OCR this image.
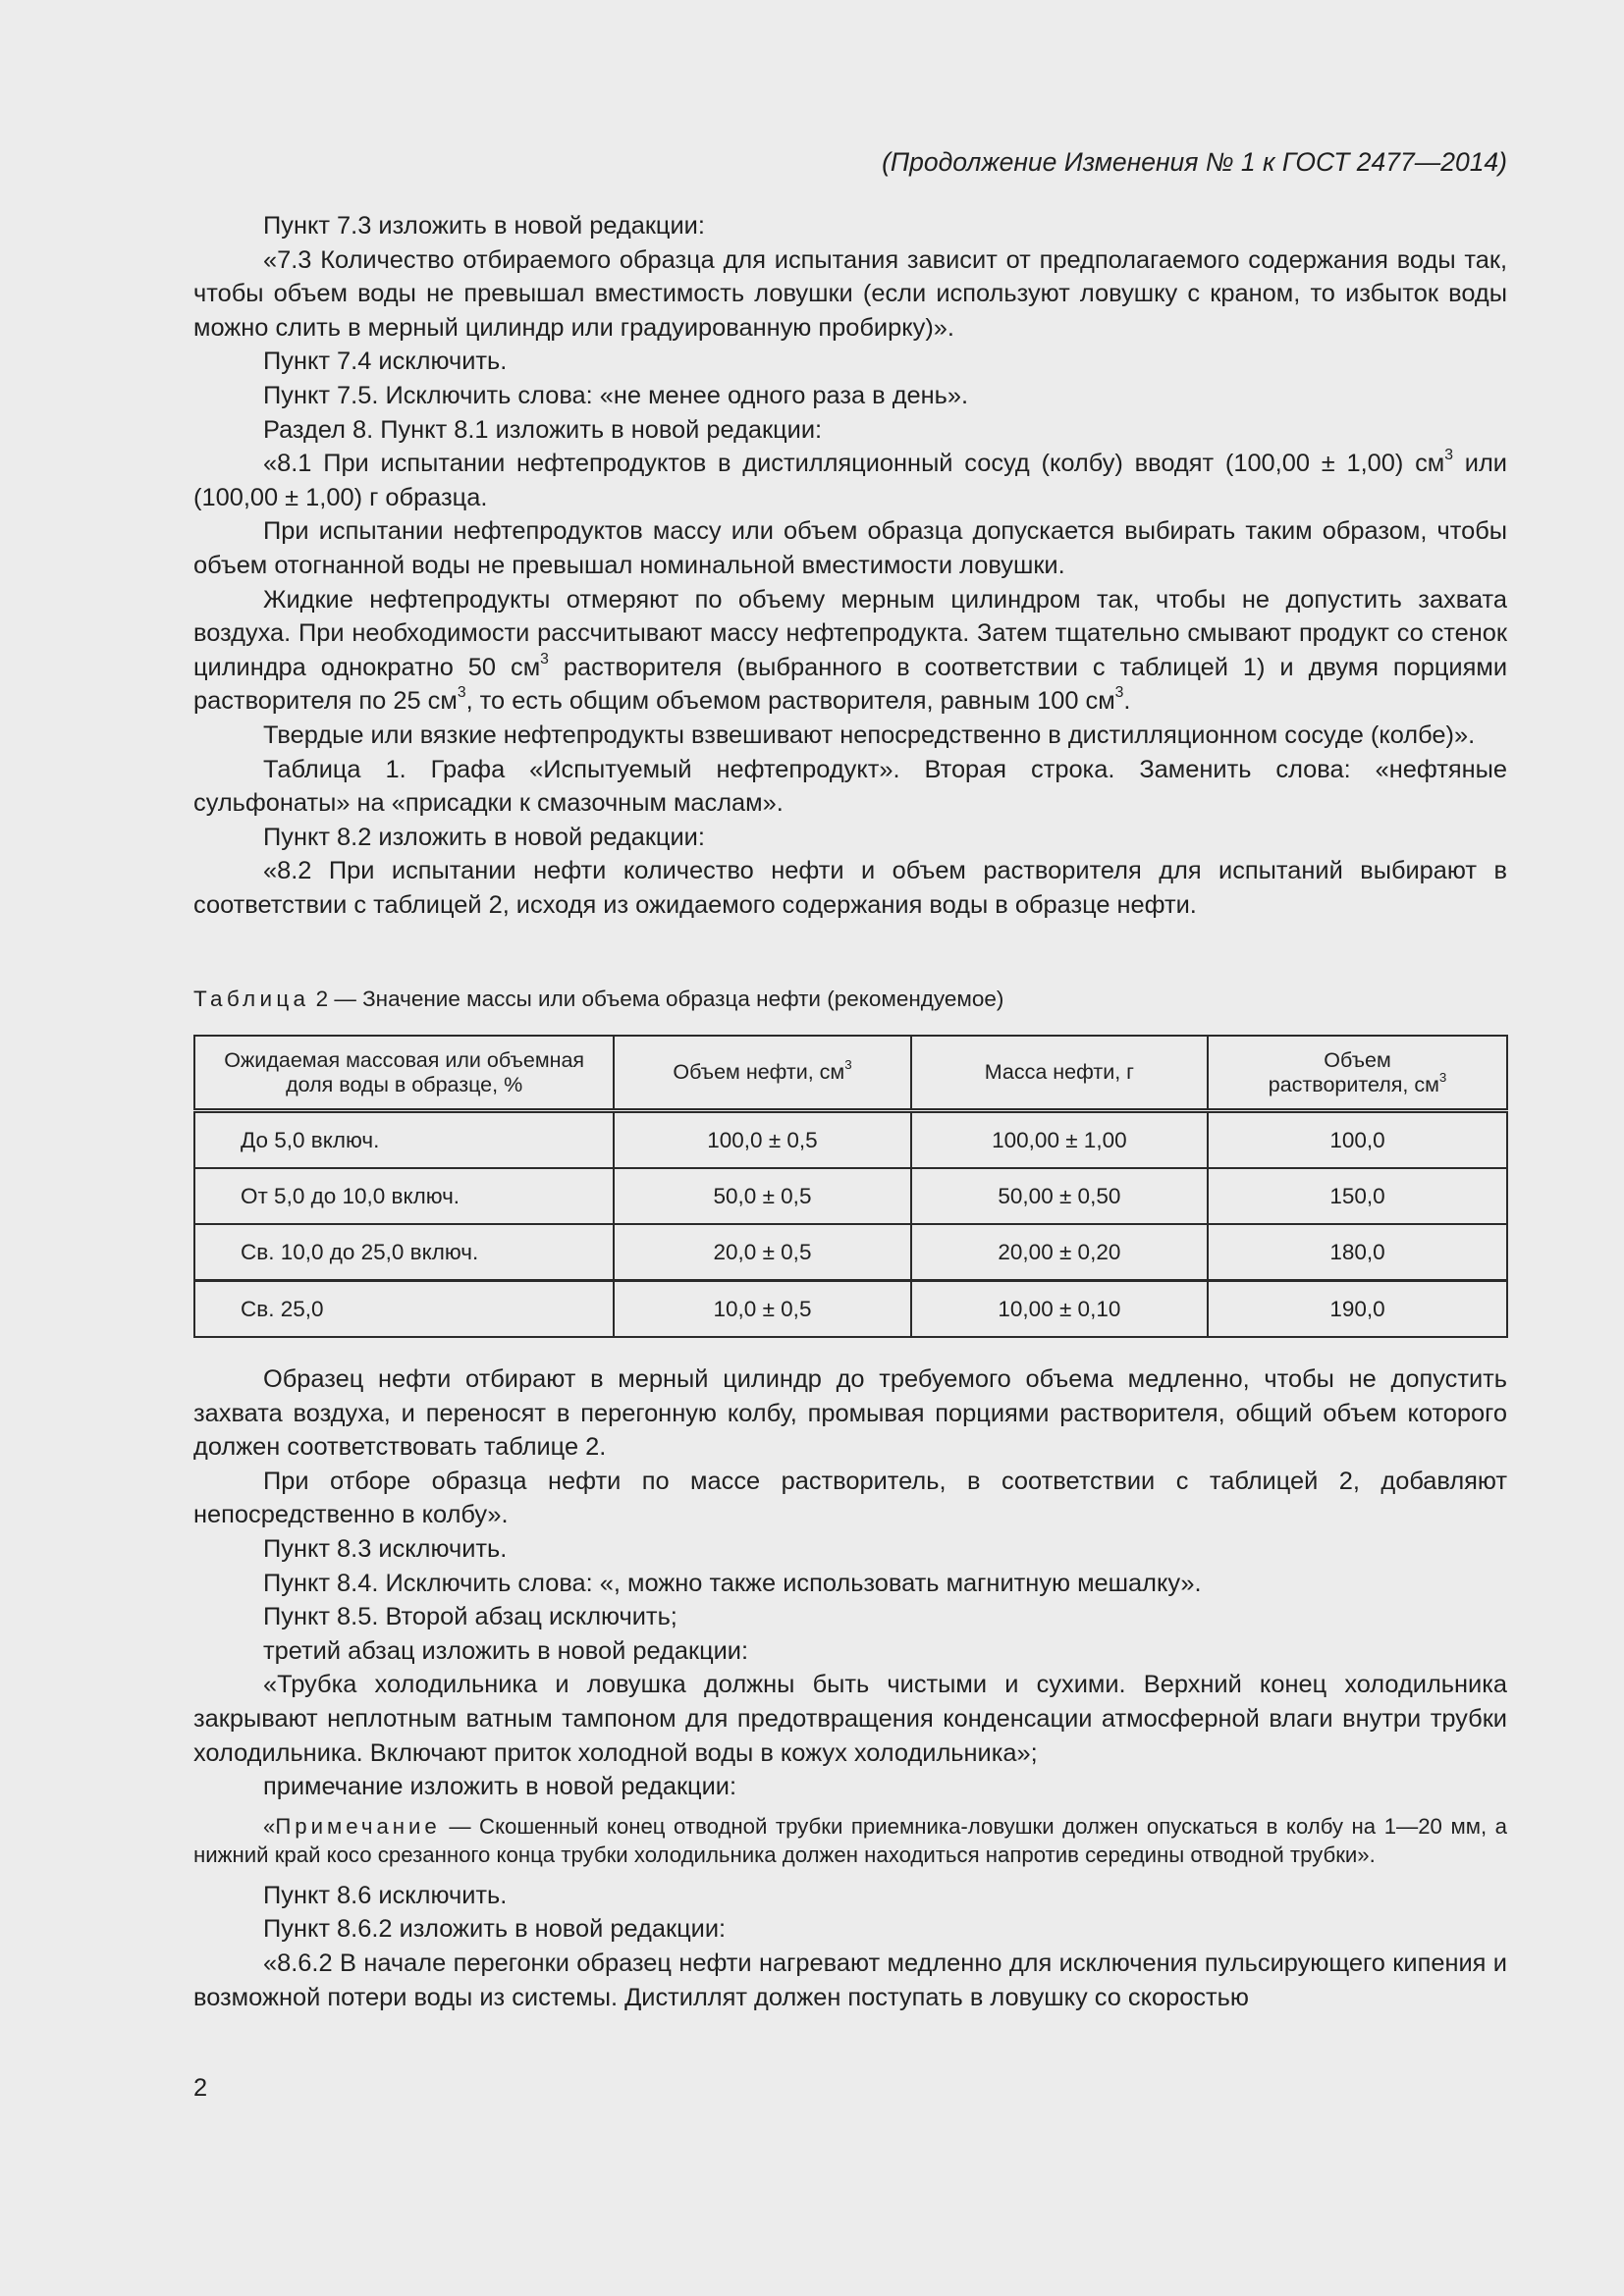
(Продолжение Изменения № 1 к ГОСТ 2477—2014)

Пункт 7.3 изложить в новой редакции:

«7.3 Количество отбираемого образца для испытания зависит от предполагаемого содержания воды так, чтобы объем воды не превышал вместимость ловушки (если используют ловушку с краном, то избыток воды можно слить в мерный цилиндр или градуированную пробирку)».

Пункт 7.4 исключить.

Пункт 7.5. Исключить слова: «не менее одного раза в день».

Раздел 8. Пункт 8.1 изложить в новой редакции:

«8.1 При испытании нефтепродуктов в дистилляционный сосуд (колбу) вводят (100,00 ± 1,00) $см^3$ или (100,00 ± 1,00) г образца.

При испытании нефтепродуктов массу или объем образца допускается выбирать таким образом, чтобы объем отогнанной воды не превышал номинальной вместимости ловушки.

Жидкие нефтепродукты отмеряют по объему мерным цилиндром так, чтобы не допустить захвата воздуха. При необходимости рассчитывают массу нефтепродукта. Затем тщательно смывают продукт со стенок цилиндра однократно 50 $см^3$ растворителя (выбранного в соответствии с таблицей 1) и двумя порциями растворителя по 25 $см^3$, то есть общим объемом растворителя, равным 100 $см^3$.

Твердые или вязкие нефтепродукты взвешивают непосредственно в дистилляционном сосуде (колбе)».

Таблица 1. Графа «Испытуемый нефтепродукт». Вторая строка. Заменить слова: «нефтяные сульфонаты» на «присадки к смазочным маслам».

Пункт 8.2 изложить в новой редакции:

«8.2 При испытании нефти количество нефти и объем растворителя для испытаний выбирают в соответствии с таблицей 2, исходя из ожидаемого содержания воды в образце нефти.

Таблица 2 — Значение массы или объема образца нефти (рекомендуемое)
Ожидаемая массовая или объемная доля воды в образце, %	Объем нефти, $см^3$	Масса нефти, г	Объем растворителя, $см^3$
До 5,0 включ.	100,0 ± 0,5	100,00 ± 1,00	100,0
От 5,0 до 10,0 включ.	50,0 ± 0,5	50,00 ± 0,50	150,0
Св. 10,0 до 25,0 включ.	20,0 ± 0,5	20,00 ± 0,20	180,0
Св. 25,0	10,0 ± 0,5	10,00 ± 0,10	190,0

Образец нефти отбирают в мерный цилиндр до требуемого объема медленно, чтобы не допустить захвата воздуха, и переносят в перегонную колбу, промывая порциями растворителя, общий объем которого должен соответствовать таблице 2.

При отборе образца нефти по массе растворитель, в соответствии с таблицей 2, добавляют непосредственно в колбу».

Пункт 8.3 исключить.

Пункт 8.4. Исключить слова: «, можно также использовать магнитную мешалку».

Пункт 8.5. Второй абзац исключить;

третий абзац изложить в новой редакции:

«Трубка холодильника и ловушка должны быть чистыми и сухими. Верхний конец холодильника закрывают неплотным ватным тампоном для предотвращения конденсации атмосферной влаги внутри трубки холодильника. Включают приток холодной воды в кожух холодильника»;

примечание изложить в новой редакции:

«Примечание — Скошенный конец отводной трубки приемника-ловушки должен опускаться в колбу на 1—20 мм, а нижний край косо срезанного конца трубки холодильника должен находиться напротив середины отводной трубки».

Пункт 8.6 исключить.

Пункт 8.6.2 изложить в новой редакции:

«8.6.2 В начале перегонки образец нефти нагревают медленно для исключения пульсирующего кипения и возможной потери воды из системы. Дистиллят должен поступать в ловушку со скоростью

2
